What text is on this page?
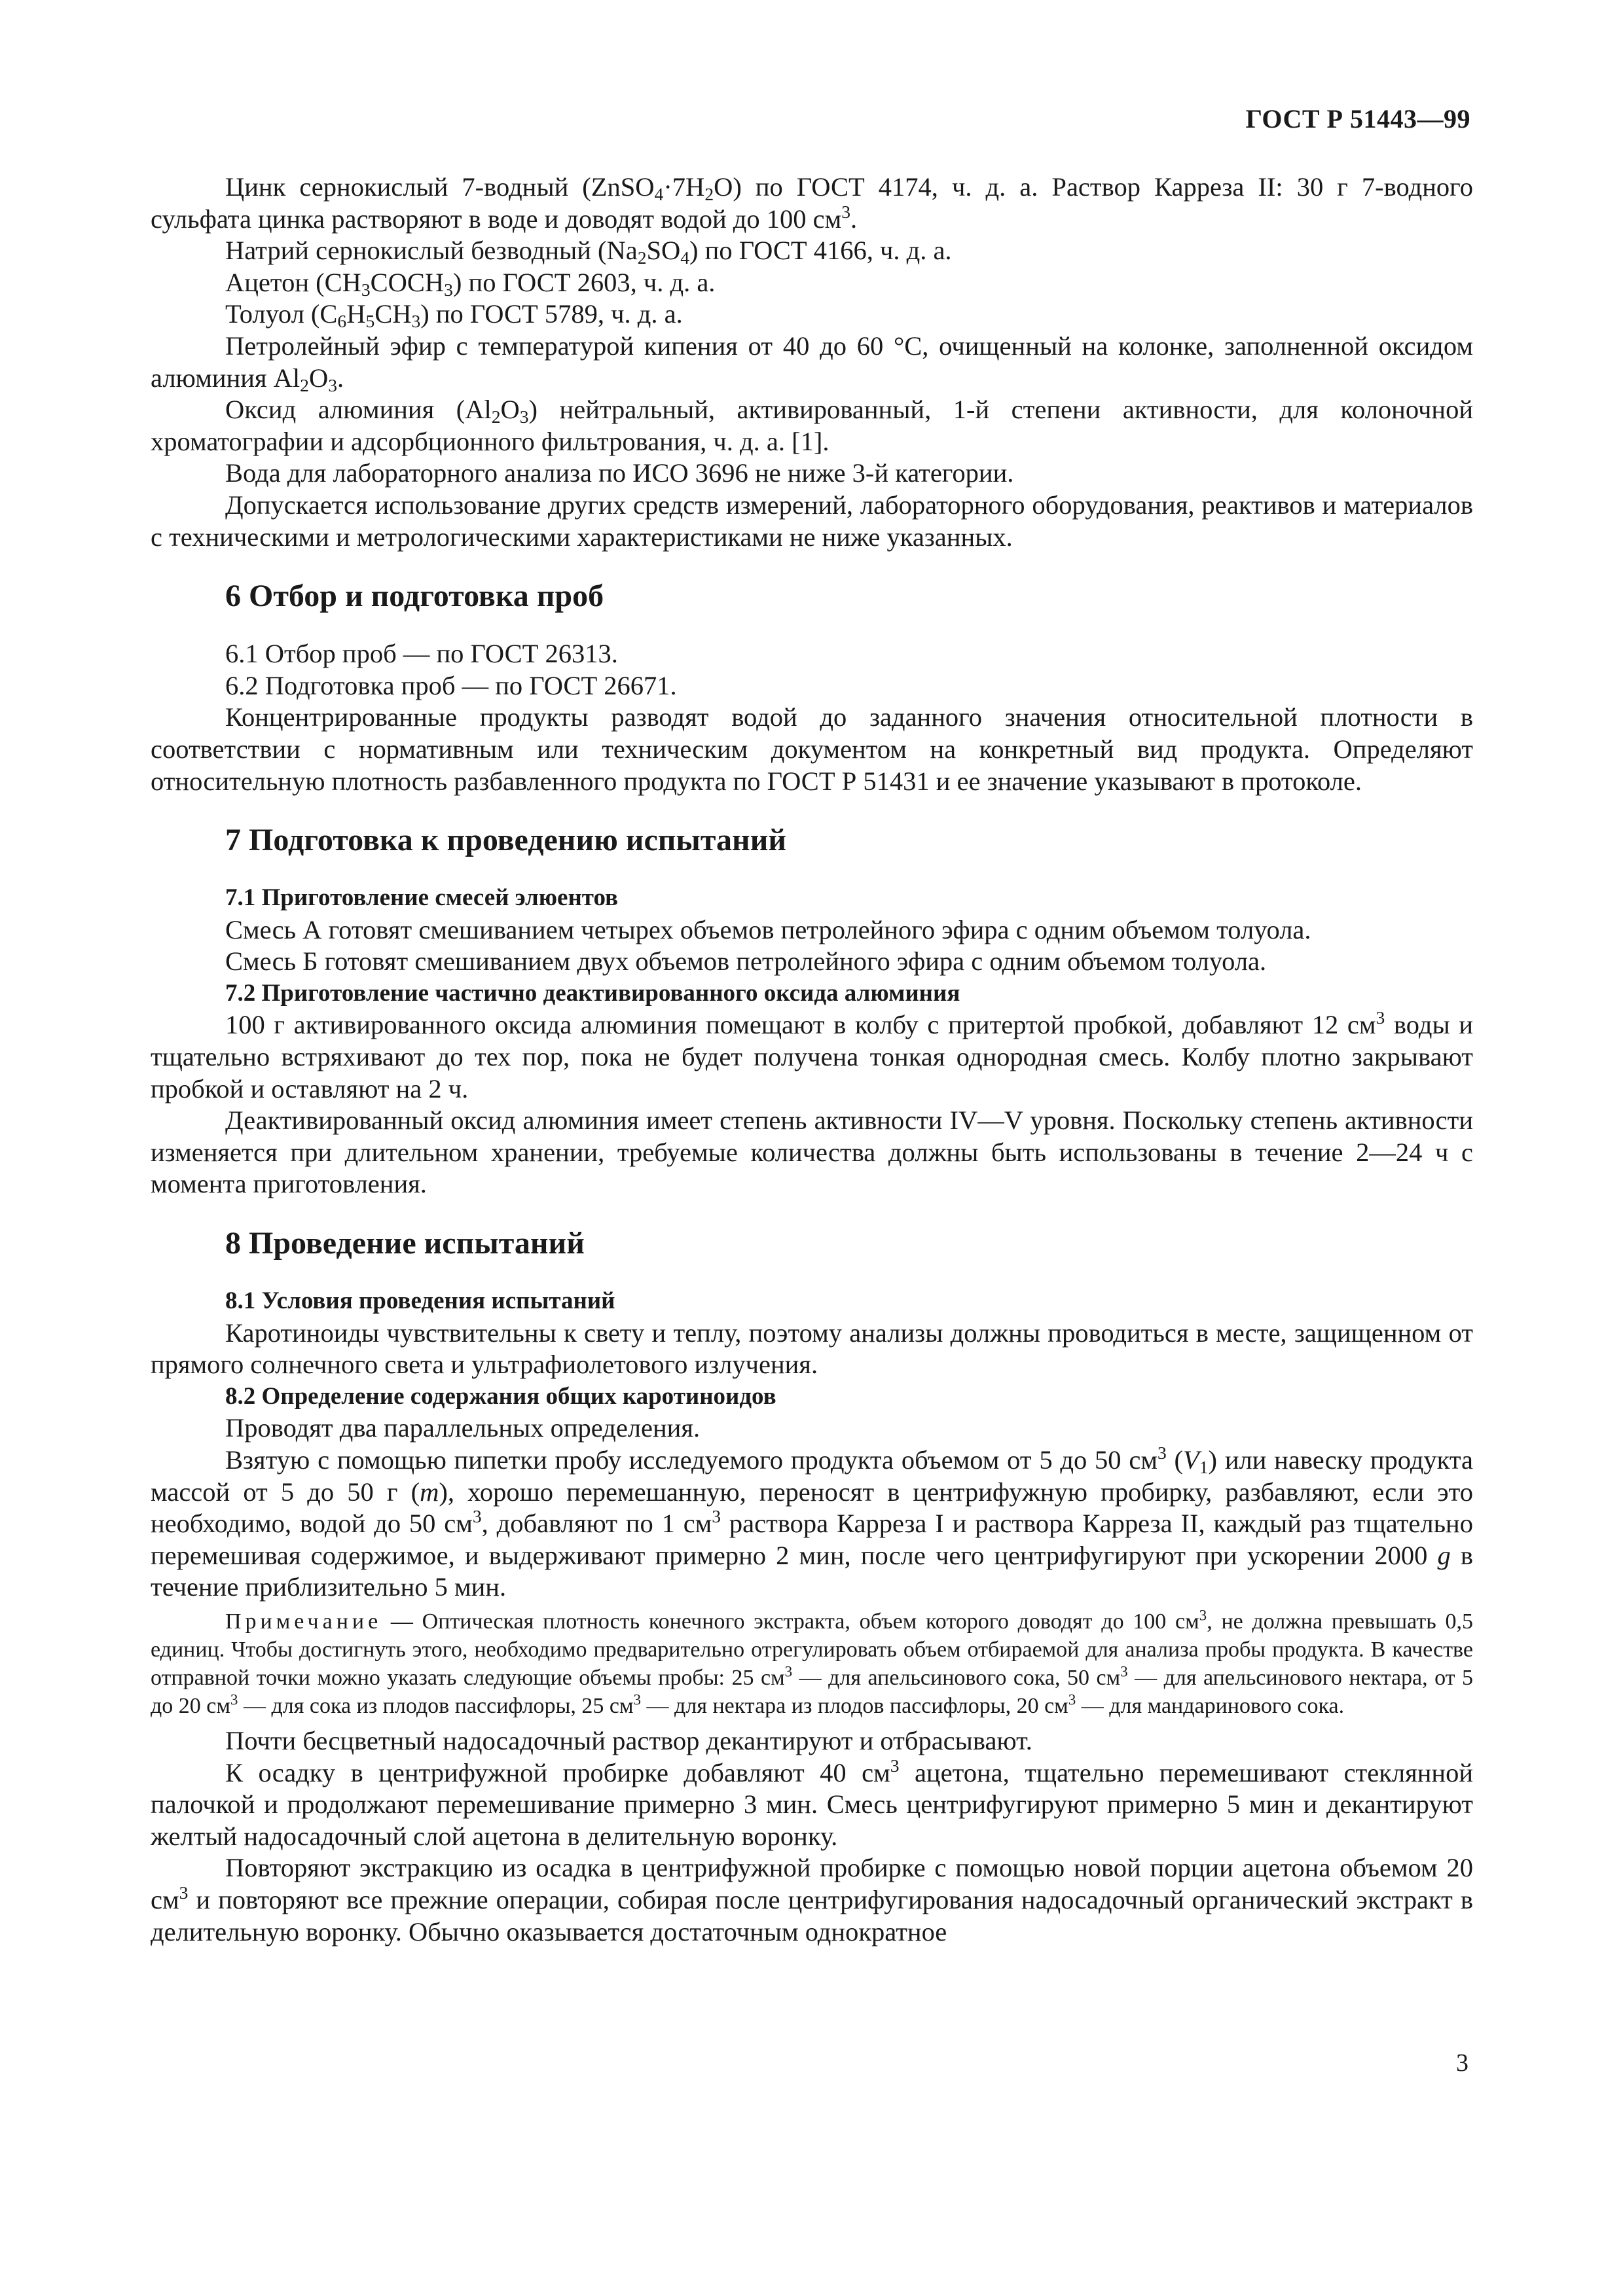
ГОСТ Р 51443—99

Цинк сернокислый 7-водный $(ZnSO_4\cdot 7H_2O)$ по ГОСТ 4174, ч. д. а. Раствор Карреза II: 30 г 7-водного сульфата цинка растворяют в воде и доводят водой до 100 $см^3$.

Натрий сернокислый безводный $(Na_2SO_4)$ по ГОСТ 4166, ч. д. а.

Ацетон $(CH_3COCH_3)$ по ГОСТ 2603, ч. д. а.

Толуол $(C_6H_5CH_3)$ по ГОСТ 5789, ч. д. а.

Петролейный эфир с температурой кипения от 40 до 60 °С, очищенный на колонке, заполненной оксидом алюминия $Al_2O_3$.

Оксид алюминия $(Al_2O_3)$ нейтральный, активированный, 1-й степени активности, для колоночной хроматографии и адсорбционного фильтрования, ч. д. а. [1].

Вода для лабораторного анализа по ИСО 3696 не ниже 3-й категории.

Допускается использование других средств измерений, лабораторного оборудования, реактивов и материалов с техническими и метрологическими характеристиками не ниже указанных.

6 Отбор и подготовка проб

6.1 Отбор проб — по ГОСТ 26313.

6.2 Подготовка проб — по ГОСТ 26671.

Концентрированные продукты разводят водой до заданного значения относительной плотности в соответствии с нормативным или техническим документом на конкретный вид продукта. Определяют относительную плотность разбавленного продукта по ГОСТ Р 51431 и ее значение указывают в протоколе.

7 Подготовка к проведению испытаний
7.1 Приготовление смесей элюентов

Смесь А готовят смешиванием четырех объемов петролейного эфира с одним объемом толуола.

Смесь Б готовят смешиванием двух объемов петролейного эфира с одним объемом толуола.

7.2 Приготовление частично деактивированного оксида алюминия

100 г активированного оксида алюминия помещают в колбу с притертой пробкой, добавляют 12 $см^3$ воды и тщательно встряхивают до тех пор, пока не будет получена тонкая однородная смесь. Колбу плотно закрывают пробкой и оставляют на 2 ч.

Деактивированный оксид алюминия имеет степень активности IV—V уровня. Поскольку степень активности изменяется при длительном хранении, требуемые количества должны быть использованы в течение 2—24 ч с момента приготовления.

8 Проведение испытаний
8.1 Условия проведения испытаний

Каротиноиды чувствительны к свету и теплу, поэтому анализы должны проводиться в месте, защищенном от прямого солнечного света и ультрафиолетового излучения.

8.2 Определение содержания общих каротиноидов

Проводят два параллельных определения.

Взятую с помощью пипетки пробу исследуемого продукта объемом от 5 до 50 $см^3$ $(V_1)$ или навеску продукта массой от 5 до 50 г (m), хорошо перемешанную, переносят в центрифужную пробирку, разбавляют, если это необходимо, водой до 50 $см^3$, добавляют по 1 $см^3$ раствора Карреза I и раствора Карреза II, каждый раз тщательно перемешивая содержимое, и выдерживают примерно 2 мин, после чего центрифугируют при ускорении 2000 g в течение приблизительно 5 мин.

Примечание — Оптическая плотность конечного экстракта, объем которого доводят до 100 $см^3$, не должна превышать 0,5 единиц. Чтобы достигнуть этого, необходимо предварительно отрегулировать объем отбираемой для анализа пробы продукта. В качестве отправной точки можно указать следующие объемы пробы: 25 $см^3$ — для апельсинового сока, 50 $см^3$ — для апельсинового нектара, от 5 до 20 $см^3$ — для сока из плодов пассифлоры, 25 $см^3$ — для нектара из плодов пассифлоры, 20 $см^3$ — для мандаринового сока.

Почти бесцветный надосадочный раствор декантируют и отбрасывают.

К осадку в центрифужной пробирке добавляют 40 $см^3$ ацетона, тщательно перемешивают стеклянной палочкой и продолжают перемешивание примерно 3 мин. Смесь центрифугируют примерно 5 мин и декантируют желтый надосадочный слой ацетона в делительную воронку.

Повторяют экстракцию из осадка в центрифужной пробирке с помощью новой порции ацетона объемом 20 $см^3$ и повторяют все прежние операции, собирая после центрифугирования надосадочный органический экстракт в делительную воронку. Обычно оказывается достаточным однократное

3
